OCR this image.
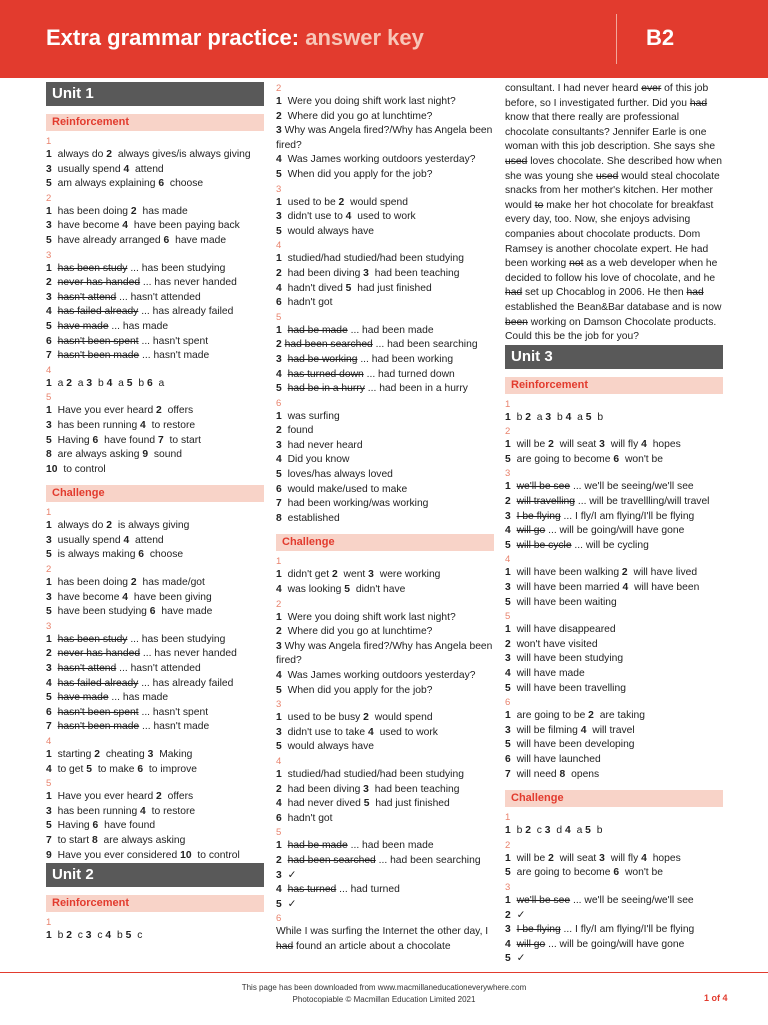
Extra grammar practice: answer key	B2
Unit 1
Reinforcement
1
1 always do 2 always gives/is always giving
3 usually spend 4 attend
5 am always explaining 6 choose
2
1 has been doing 2 has made
3 have become 4 have been paying back
5 have already arranged 6 have made
3
1 has been study ... has been studying
2 never has handed ... has never handed
3 hasn't attend ... hasn't attended
4 has failed already ... has already failed
5 have made ... has made
6 hasn't been spent ... hasn't spent
7 hasn't been made ... hasn't made
4
1 a 2 a 3 b 4 a 5 b 6 a
5
1 Have you ever heard 2 offers
3 has been running 4 to restore
5 Having 6 have found 7 to start
8 are always asking 9 sound
10 to control
Challenge
1
1 always do 2 is always giving
3 usually spend 4 attend
5 is always making 6 choose
2
1 has been doing 2 has made/got
3 have become 4 have been giving
5 have been studying 6 have made
3
1 has been study ... has been studying
2 never has handed ... has never handed
3 hasn't attend ... hasn't attended
4 has failed already ... has already failed
5 have made ... has made
6 hasn't been spent ... hasn't spent
7 hasn't been made ... hasn't made
4
1 starting 2 cheating 3 Making
4 to get 5 to make 6 to improve
5
1 Have you ever heard 2 offers
3 has been running 4 to restore
5 Having 6 have found
7 to start 8 are always asking
9 Have you ever considered 10 to control
Unit 2
Reinforcement
1
1 b 2 c 3 c 4 b 5 c
2
1 Were you doing shift work last night?
2 Where did you go at lunchtime?
3 Why was Angela fired?/Why has Angela been fired?
4 Was James working outdoors yesterday?
5 When did you apply for the job?
3
1 used to be 2 would spend
3 didn't use to 4 used to work
5 would always have
4
1 studied/had studied/had been studying
2 had been diving 3 had been teaching
4 hadn't dived 5 had just finished
6 hadn't got
5
1 had be made ... had been made
2 had been searched ... had been searching
3 had be working ... had been working
4 has turned down ... had turned down
5 had be in a hurry ... had been in a hurry
6
1 was surfing
2 found
3 had never heard
4 Did you know
5 loves/has always loved
6 would make/used to make
7 had been working/was working
8 established
Challenge
1
1 didn't get 2 went 3 were working
4 was looking 5 didn't have
2
1 Were you doing shift work last night?
2 Where did you go at lunchtime?
3 Why was Angela fired?/Why has Angela been fired?
4 Was James working outdoors yesterday?
5 When did you apply for the job?
3
1 used to be busy 2 would spend
3 didn't use to take 4 used to work
5 would always have
4
1 studied/had studied/had been studying
2 had been diving 3 had been teaching
4 had never dived 5 had just finished
6 hadn't got
5
1 had be made ... had been made
2 had been searched ... had been searching
3 ✓
4 has turned ... had turned
5 ✓
6
While I was surfing the Internet the other day, I had found an article about a chocolate
consultant. I had never heard ever of this job before, so I investigated further. Did you had know that there really are professional chocolate consultants? Jennifer Earle is one woman with this job description. She says she used loves chocolate. She described how when she was young she used would steal chocolate snacks from her mother's kitchen. Her mother would to make her hot chocolate for breakfast every day, too. Now, she enjoys advising companies about chocolate products. Dom Ramsey is another chocolate expert. He had been working not as a web developer when he decided to follow his love of chocolate, and he had set up Chocablog in 2006. He then had established the Bean&Bar database and is now been working on Damson Chocolate products. Could this be the job for you?
Unit 3
Reinforcement
1
1 b 2 a 3 b 4 a 5 b
2
1 will be 2 will seat 3 will fly 4 hopes
5 are going to become 6 won't be
3
1 we'll be see ... we'll be seeing/we'll see
2 will travelling ... will be travellling/will travel
3 I be flying ... I fly/I am flying/I'll be flying
4 will go ... will be going/will have gone
5 will be cycle ... will be cycling
4
1 will have been walking 2 will have lived
3 will have been married 4 will have been
5 will have been waiting
5
1 will have disappeared
2 won't have visited
3 will have been studying
4 will have made
5 will have been travelling
6
1 are going to be 2 are taking
3 will be filming 4 will travel
5 will have been developing
6 will have launched
7 will need 8 opens
Challenge
1
1 b 2 c 3 d 4 a 5 b
2
1 will be 2 will seat 3 will fly 4 hopes
5 are going to become 6 won't be
3
1 we'll be see ... we'll be seeing/we'll see
2 ✓
3 I be flying ... I fly/I am flying/I'll be flying
4 will go ... will be going/will have gone
5 ✓
This page has been downloaded from www.macmillaneducationeverywhere.com
Photocopiable © Macmillan Education Limited 2021	1 of 4
